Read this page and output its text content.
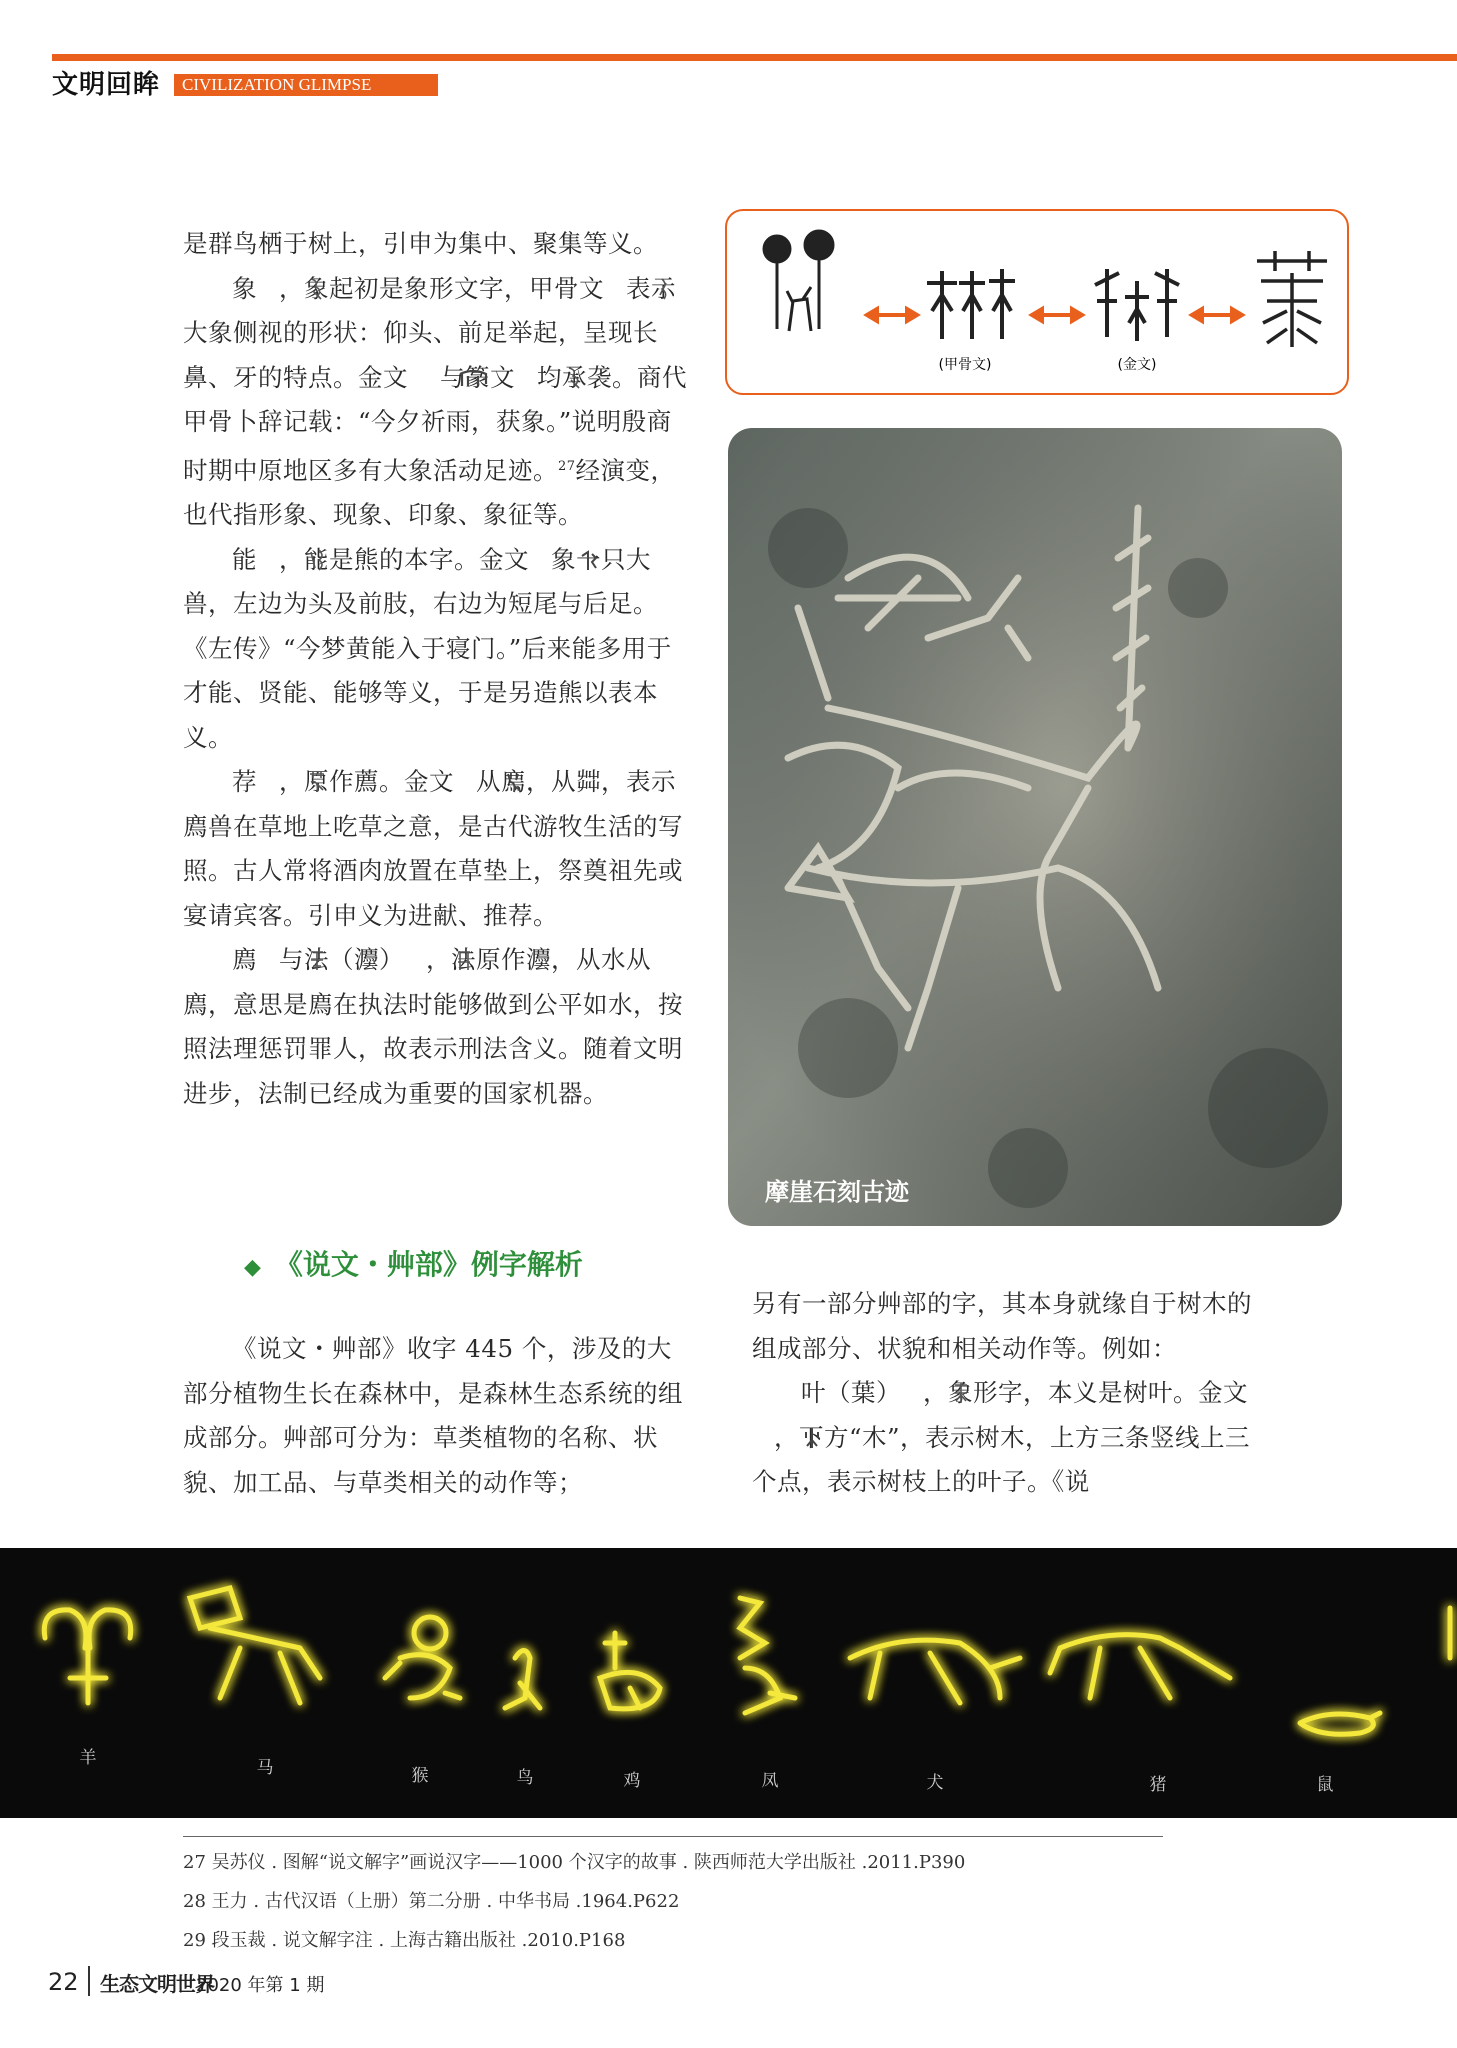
文明回眸	CIVILIZATION GLIMPSE

是群鸟栖于树上，引申为集中、聚集等义。

象 ，象起初是象形文字，甲骨文 表示大象侧视的形状：仰头、前足举起，呈现长鼻、牙的特点。金文 与篆文 均承袭。商代甲骨卜辞记载：“今夕祈雨，获象。”说明殷商时期中原地区多有大象活动足迹。$^{27}$经演变，也代指形象、现象、印象、象征等。

能 ，能是熊的本字。金文 象一只大兽，左边为头及前肢，右边为短尾与后足。《左传》“今梦黄能入于寝门。”后来能多用于才能、贤能、能够等义，于是另造熊以表本义。

荐 ，原作薦。金文 从廌，从茻，表示廌兽在草地上吃草之意，是古代游牧生活的写照。古人常将酒肉放置在草垫上，祭奠祖先或宴请宾客。引申义为进献、推荐。

廌 与法（灋） ，法原作灋，从水从廌，意思是廌在执法时能够做到公平如水，按照法理惩罚罪人，故表示刑法含义。随着文明进步，法制已经成为重要的国家机器。

(甲骨文)	(金文)
摩崖石刻古迹
◆ 《说文・艸部》例字解析

《说文・艸部》收字 445 个，涉及的大部分植物生长在森林中，是森林生态系统的组成部分。艸部可分为：草类植物的名称、状貌、加工品、与草类相关的动作等；

另有一部分艸部的字，其本身就缘自于树木的组成部分、状貌和相关动作等。例如：

叶（葉） ，象形字，本义是树叶。金文，下方“木”，表示树木，上方三条竖线上三个点，表示树枝上的叶子。《说

羊	马	猴	鸟	鸡	凤	犬	猪	鼠
27 吴苏仪 . 图解“说文解字”画说汉字——1000 个汉字的故事 . 陕西师范大学出版社 .2011.P390
28 王力 . 古代汉语（上册）第二分册 . 中华书局 .1964.P622
29 段玉裁 . 说文解字注 . 上海古籍出版社 .2010.P168
22 生态文明世界
2020 年第 1 期
